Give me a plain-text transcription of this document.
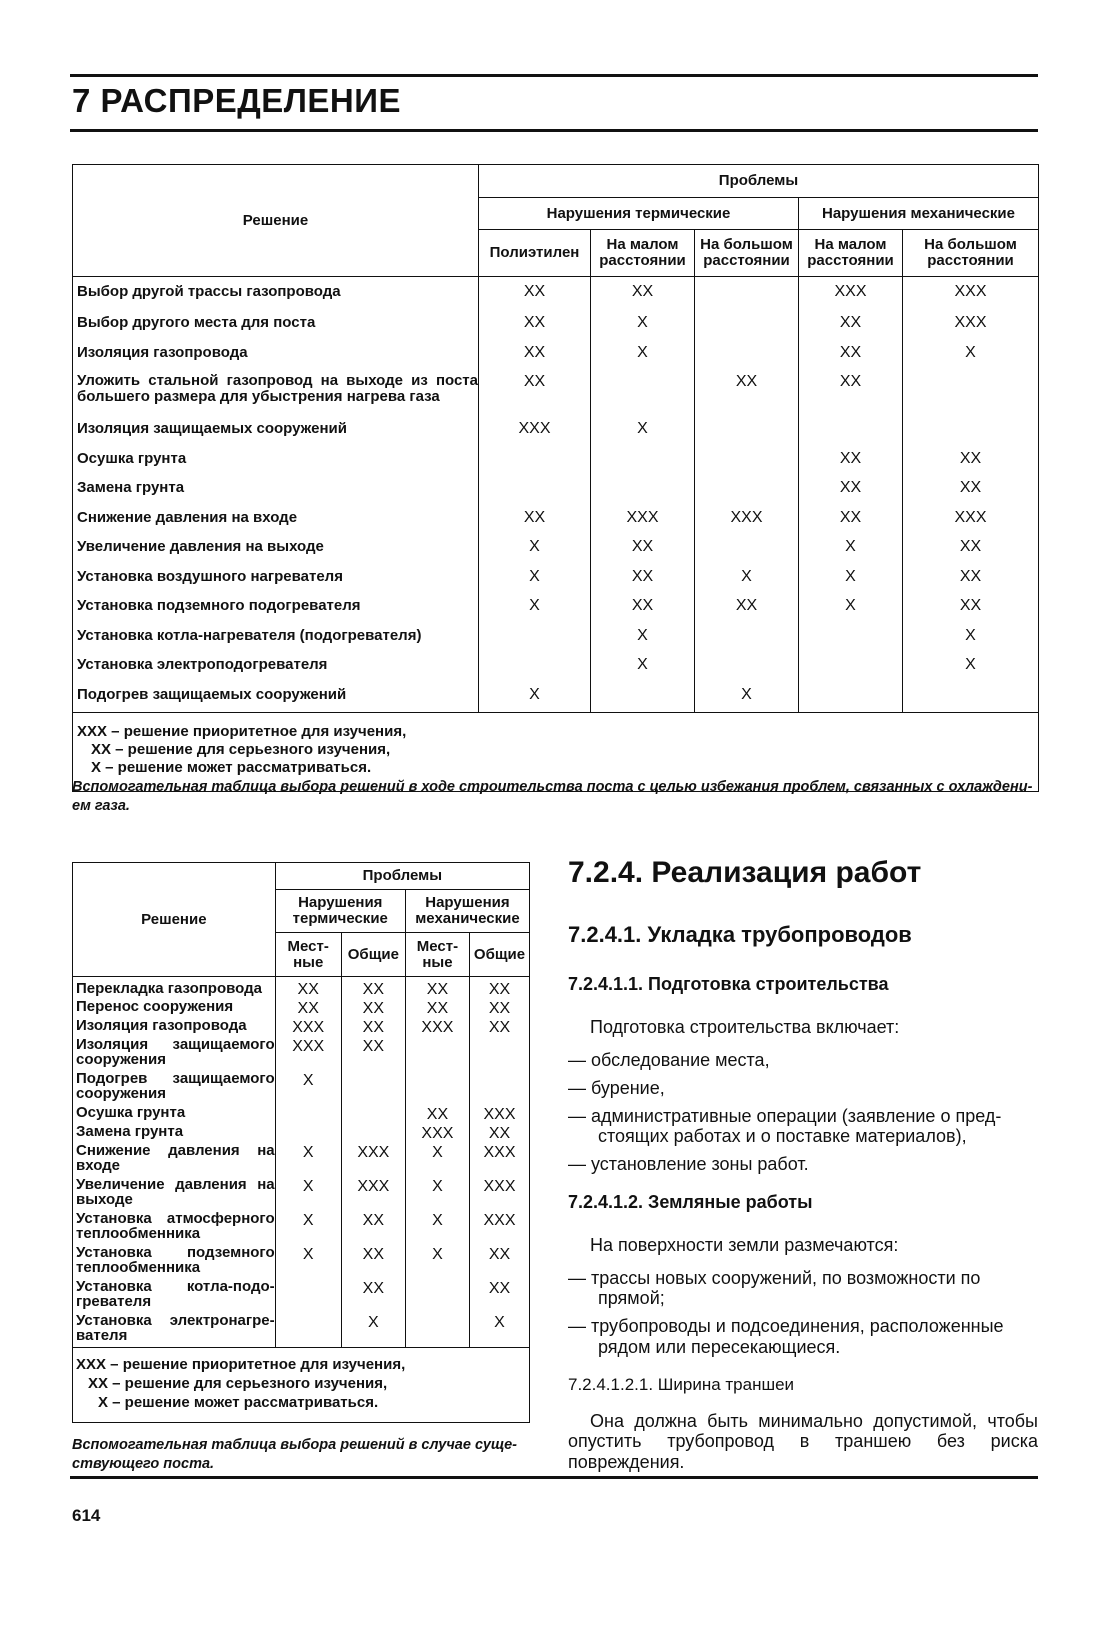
7 РАСПРЕДЕЛЕНИЕ
Решение	Проблемы				
	Нарушения термические			Нарушения механические	
	Полиэтилен	На малом расстоянии	На большом расстоянии	На малом расстоянии	На большом расстоянии
Выбор другой трассы газопровода	XX	XX		XXX	XXX
Выбор другого места для поста	XX	X		XX	XXX
Изоляция газопровода	XX	X		XX	X
Уложить стальной газопровод на выходе из поста большего размера для убыстрения нагрева газа	XX		XX	XX	
Изоляция защищаемых сооружений	XXX	X			
Осушка грунта				XX	XX
Замена грунта				XX	XX
Снижение давления на входе	XX	XXX	XXX	XX	XXX
Увеличение давления на выходе	X	XX		X	XX
Установка воздушного нагревателя	X	XX	X	X	XX
Установка подземного подогревателя	X	XX	XX	X	XX
Установка котла-нагревателя (подогревателя)		X			X
Установка электроподогревателя		X			X
Подогрев защищаемых сооружений	X		X		

XXX – решение приоритетное для изучения,
XX – решение для серьезного изучения,
X – решение может рассматриваться.					

Вспомогательная таблица выбора решений в ходе строительства поста с целью избежания проблем, связанных с охлаждением газа.

Решение	Проблемы			
	Нарушения термические		Нарушения механические	
	Мест-ные	Общие	Мест-ные	Общие
Перекладка газопровода	XX	XX	XX	XX
Перенос сооружения	XX	XX	XX	XX
Изоляция газопровода	XXX	XX	XXX	XX
Изоляция защищаемого сооружения	XXX	XX		
Подогрев защищаемого сооружения	X			
Осушка грунта			XX	XXX
Замена грунта			XXX	XX
Снижение давления на входе	X	XXX	X	XXX
Увеличение давления на выходе	X	XXX	X	XXX
Установка атмосферного теплообменника	X	XX	X	XXX
Установка подземного теплообменника	X	XX	X	XX
Установка котла-подогревателя		XX		XX
Установка электронагревателя		X		X

XXX – решение приоритетное для изучения,
XX – решение для серьезного изучения,
X – решение может рассматриваться.				

Вспомогательная таблица выбора решений в случае существующего поста.

7.2.4. Реализация работ
7.2.4.1. Укладка трубопроводов
7.2.4.1.1. Подготовка строительства

Подготовка строительства включает:

— обследование места,
— бурение,
— административные операции (заявление о предстоящих работах и о поставке материалов),
— установление зоны работ.
7.2.4.1.2. Земляные работы

На поверхности земли размечаются:

— трассы новых сооружений, по возможности по прямой;
— трубопроводы и подсоединения, расположенные рядом или пересекающиеся.
7.2.4.1.2.1. Ширина траншеи

Она должна быть минимально допустимой, чтобы опустить трубопровод в траншею без риска повреждения.

614
